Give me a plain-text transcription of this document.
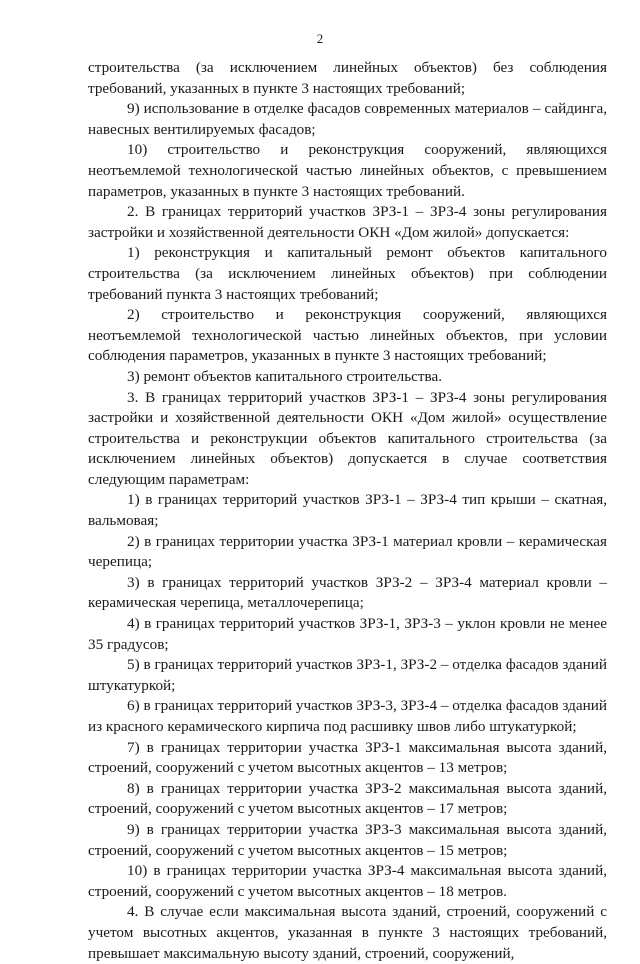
2

строительства (за исключением линейных объектов) без соблюдения требований, указанных в пункте 3 настоящих требований;

9) использование в отделке фасадов современных материалов – сайдинга, навесных вентилируемых фасадов;

10) строительство и реконструкция сооружений, являющихся неотъемлемой технологической частью линейных объектов, с превышением параметров, указанных в пункте 3 настоящих требований.

2. В границах территорий участков ЗРЗ-1 – ЗРЗ-4 зоны регулирования застройки и хозяйственной деятельности ОКН «Дом жилой» допускается:

1) реконструкция и капитальный ремонт объектов капитального строительства (за исключением линейных объектов) при соблюдении требований пункта 3 настоящих требований;

2) строительство и реконструкция сооружений, являющихся неотъемлемой технологической частью линейных объектов, при условии соблюдения параметров, указанных в пункте 3 настоящих требований;

3) ремонт объектов капитального строительства.

3. В границах территорий участков ЗРЗ-1 – ЗРЗ-4 зоны регулирования застройки и хозяйственной деятельности ОКН «Дом жилой» осуществление строительства и реконструкции объектов капитального строительства (за исключением линейных объектов) допускается в случае соответствия следующим параметрам:

1) в границах территорий участков ЗРЗ-1 – ЗРЗ-4 тип крыши – скатная, вальмовая;

2) в границах территории участка ЗРЗ-1 материал кровли – керамическая черепица;

3) в границах территорий участков ЗРЗ-2 – ЗРЗ-4 материал кровли – керамическая черепица, металлочерепица;

4) в границах территорий участков ЗРЗ-1, ЗРЗ-3 – уклон кровли не менее 35 градусов;

5) в границах территорий участков ЗРЗ-1, ЗРЗ-2 – отделка фасадов зданий штукатуркой;

6) в границах территорий участков ЗРЗ-3, ЗРЗ-4 – отделка фасадов зданий из красного керамического кирпича под расшивку швов либо штукатуркой;

7) в границах территории участка ЗРЗ-1 максимальная высота зданий, строений, сооружений с учетом высотных акцентов – 13 метров;

8) в границах территории участка ЗРЗ-2 максимальная высота зданий, строений, сооружений с учетом высотных акцентов – 17 метров;

9) в границах территории участка ЗРЗ-3 максимальная высота зданий, строений, сооружений с учетом высотных акцентов – 15 метров;

10) в границах территории участка ЗРЗ-4 максимальная высота зданий, строений, сооружений с учетом высотных акцентов – 18 метров.

4. В случае если максимальная высота зданий, строений, сооружений с учетом высотных акцентов, указанная в пункте 3 настоящих требований, превышает максимальную высоту зданий, строений, сооружений,
